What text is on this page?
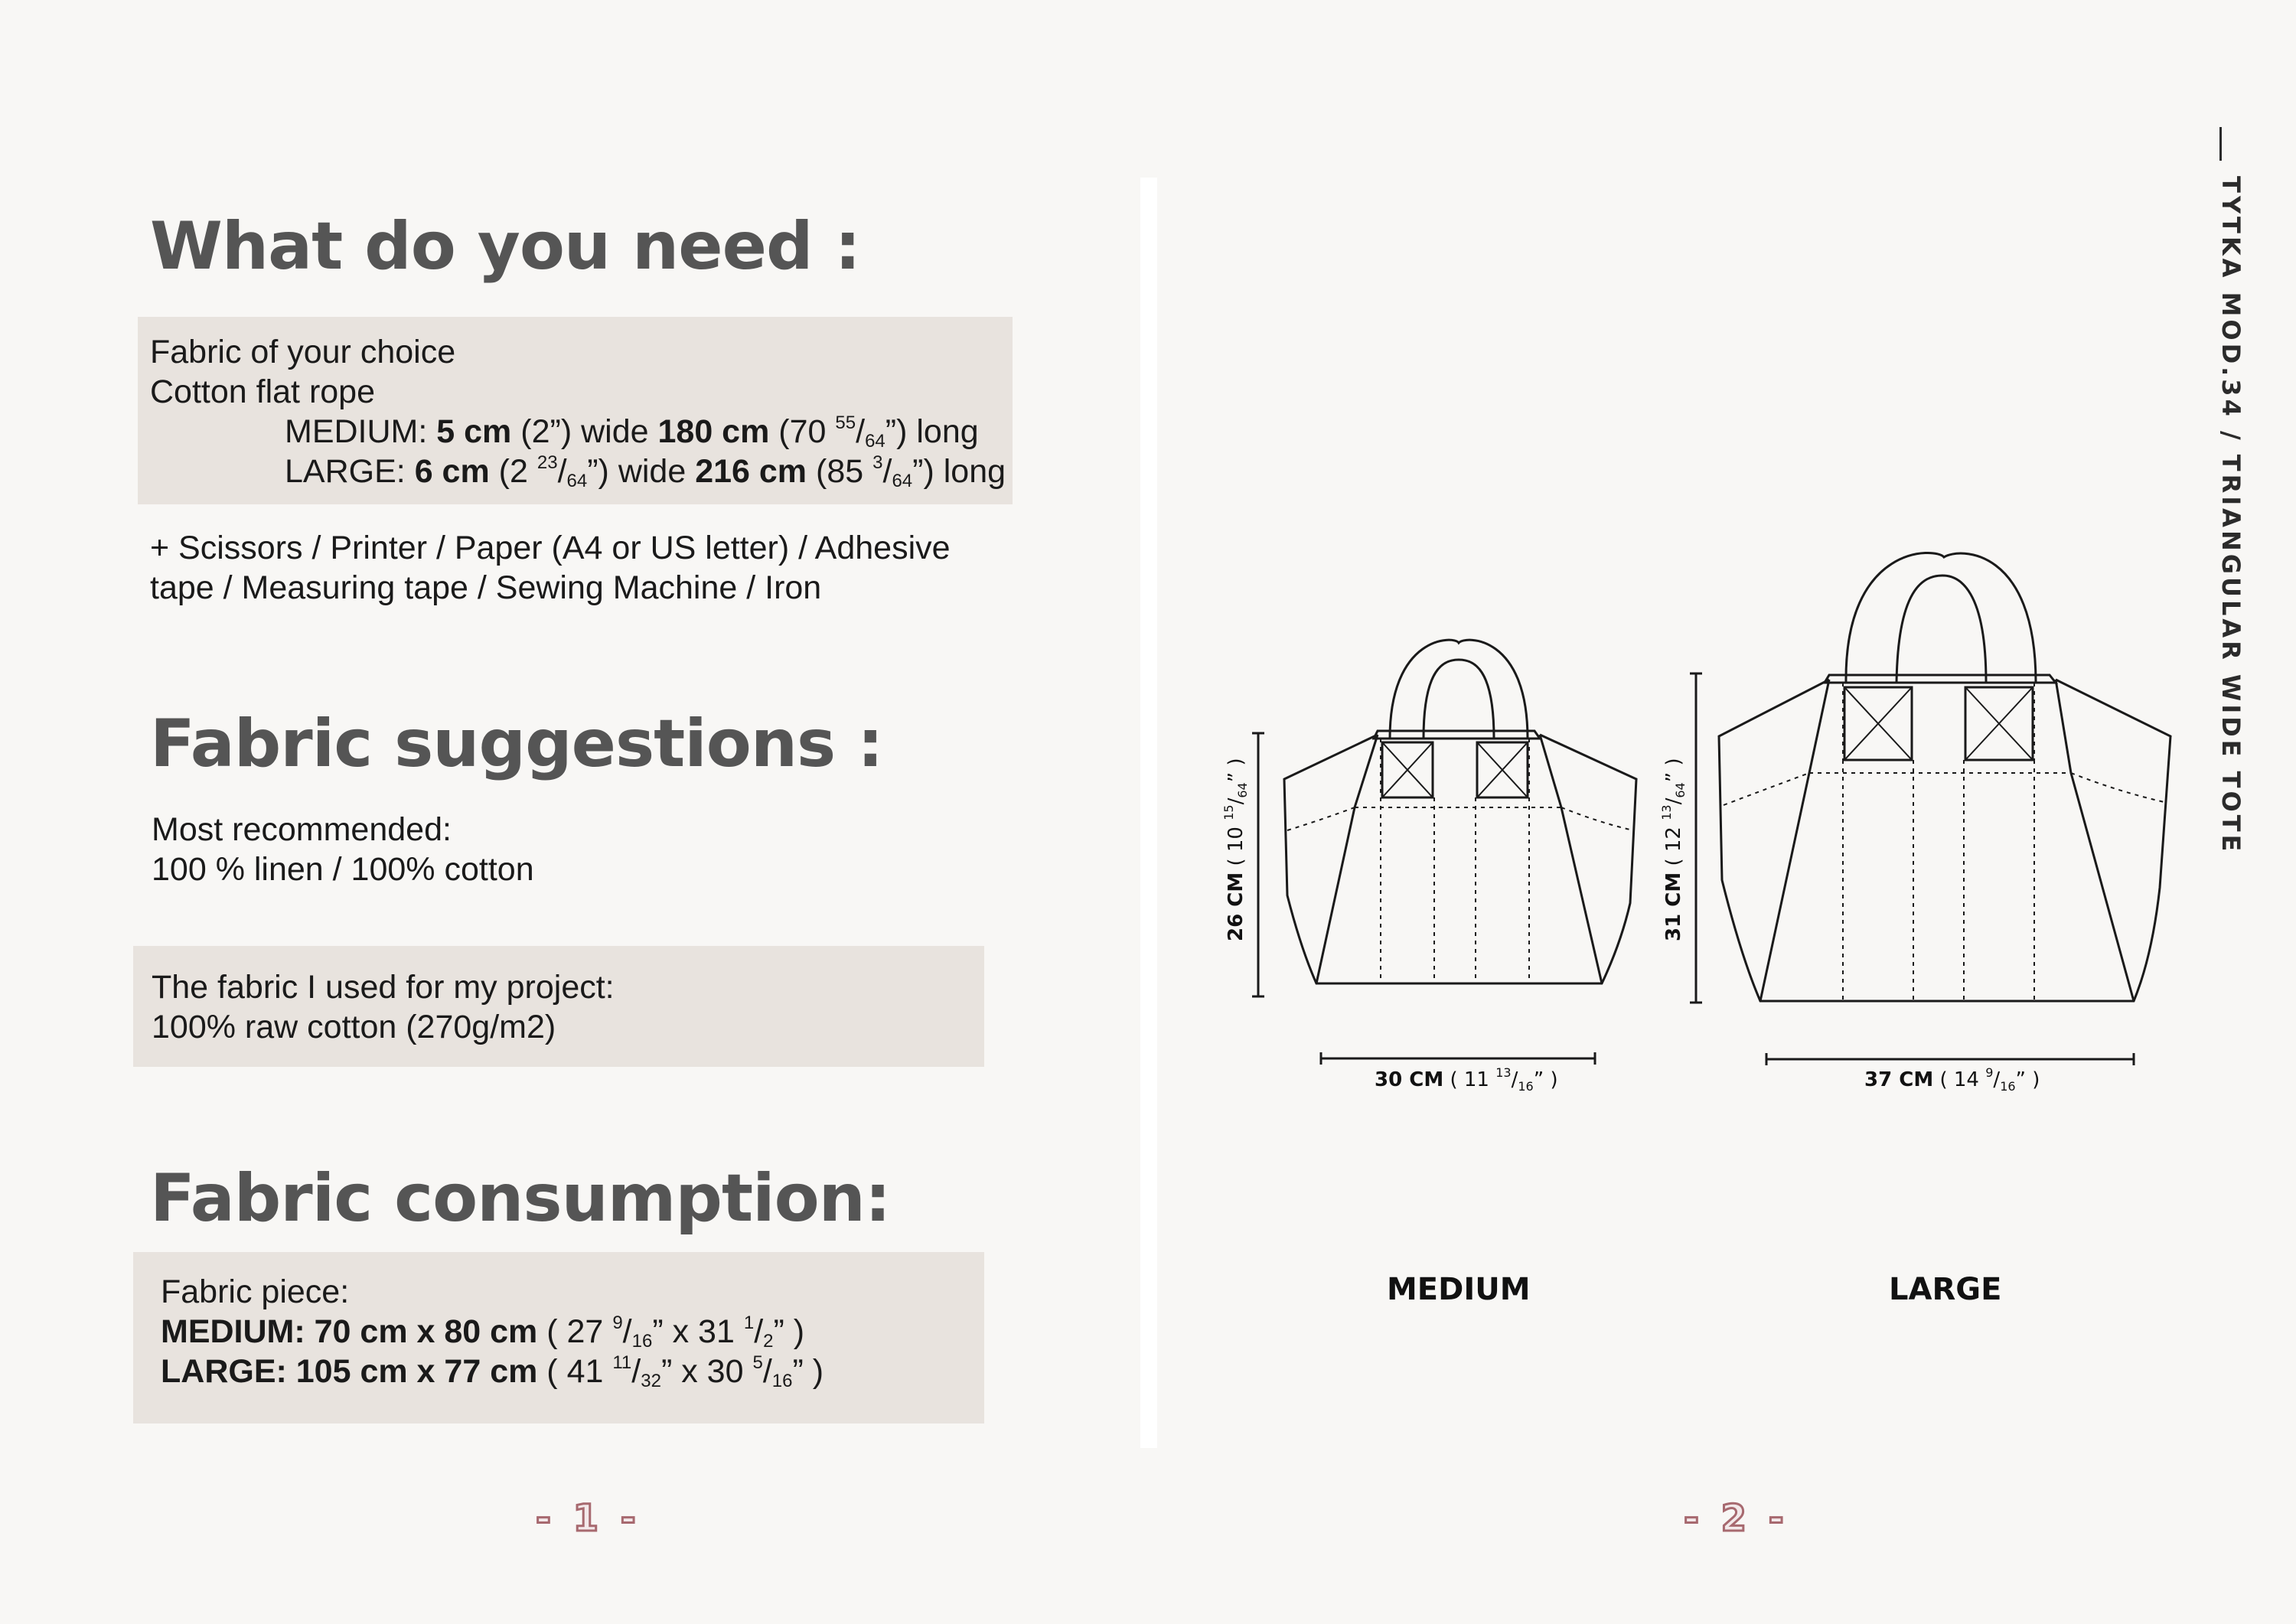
What do you need :
Fabric of your choice
Cotton flat rope
MEDIUM: 5 cm (2”) wide 180 cm (70 $^{55}/_{64}$”) long
LARGE: 6 cm (2 $^{23}/_{64}$”) wide 216 cm (85 $^3/_{64}$”) long
+ Scissors / Printer / Paper (A4 or US letter) / Adhesive
tape / Measuring tape / Sewing Machine / Iron
Fabric suggestions :
Most recommended:
100 % linen / 100% cotton
The fabric I used for my project:
100% raw cotton (270g/m2)
Fabric consumption:
Fabric piece:
MEDIUM: 70 cm x 80 cm ( 27 $^9/_{16}$” x 31 $^1/_2$” )
LARGE: 105 cm x 77 cm ( 41 $^{11}/_{32}$” x 30 $^5/_{16}$” )
- 1 -
TYTKA MOD.34 / TRIANGULAR WIDE TOTE
26 CM ( 10 $^{15}/_{64}$” )
31 CM ( 12 $^{13}/_{64}$” )
30 CM ( 11 $^{13}/_{16}$” )	37 CM ( 14 $^9/_{16}$” )
MEDIUM	LARGE
- 2 -
